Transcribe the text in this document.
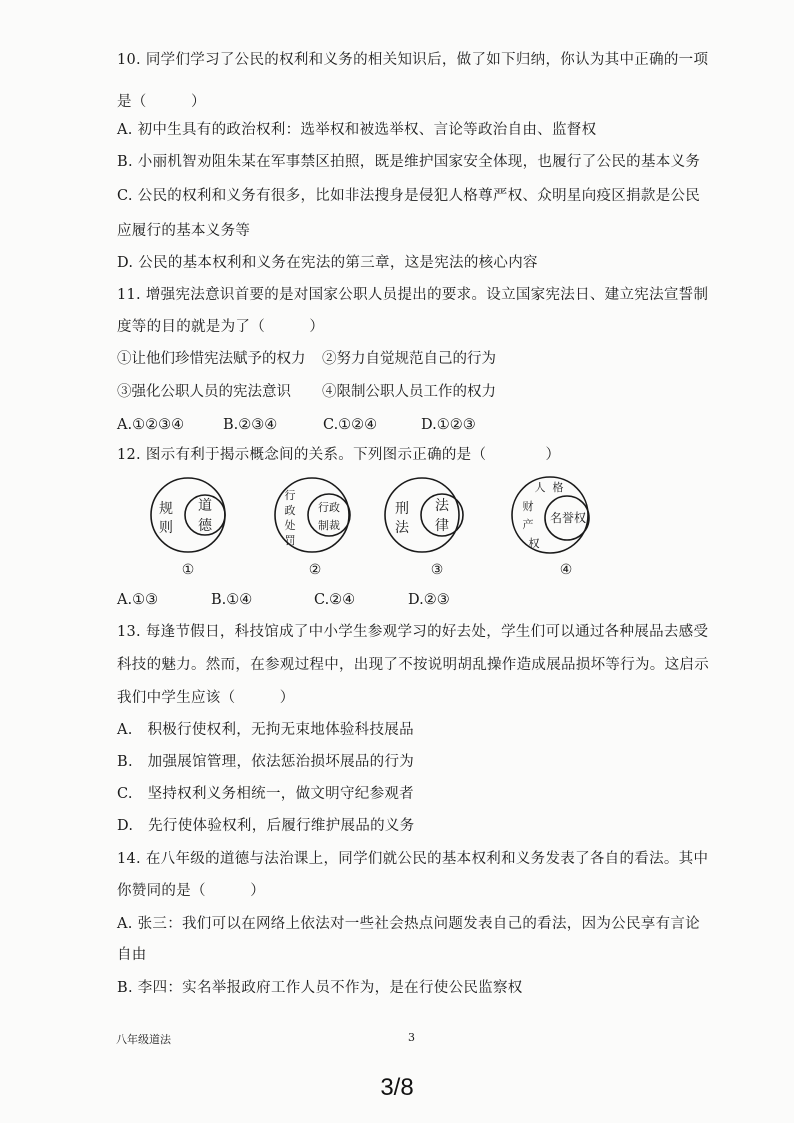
10. 同学们学习了公民的权利和义务的相关知识后，做了如下归纳，你认为其中正确的一项
是（　　　）
A. 初中生具有的政治权利：选举权和被选举权、言论等政治自由、监督权
B. 小丽机智劝阻朱某在军事禁区拍照，既是维护国家安全体现，也履行了公民的基本义务
C. 公民的权利和义务有很多，比如非法搜身是侵犯人格尊严权、众明星向疫区捐款是公民
应履行的基本义务等
D. 公民的基本权利和义务在宪法的第三章，这是宪法的核心内容
11. 增强宪法意识首要的是对国家公职人员提出的要求。设立国家宪法日、建立宪法宣誓制
度等的目的就是为了（　　　）
①让他们珍惜宪法赋予的权力 ②努力自觉规范自己的行为
③强化公职人员的宪法意识 ④限制公职人员工作的权力
A.①②③④	B.②③④	C.①②④	D.①②③
12. 图示有利于揭示概念间的关系。下列图示正确的是（　　　　）
规
则
道
德
①
行
政
处
罚
行政
制裁
②
刑
法
法
律
③
人 格
财
产
权
名誉权
④
A.①③	B.①④	C.②④	D.②③
13. 每逢节假日，科技馆成了中小学生参观学习的好去处，学生们可以通过各种展品去感受
科技的魅力。然而，在参观过程中，出现了不按说明胡乱操作造成展品损坏等行为。这启示
我们中学生应该（　　　）
A.　积极行使权利，无拘无束地体验科技展品
B.　加强展馆管理，依法惩治损坏展品的行为
C.　坚持权利义务相统一，做文明守纪参观者
D.　先行使体验权利，后履行维护展品的义务
14. 在八年级的道德与法治课上，同学们就公民的基本权利和义务发表了各自的看法。其中
你赞同的是（　　　）
A. 张三：我们可以在网络上依法对一些社会热点问题发表自己的看法，因为公民享有言论
自由
B. 李四：实名举报政府工作人员不作为，是在行使公民监察权
八年级道法	3
3/8
